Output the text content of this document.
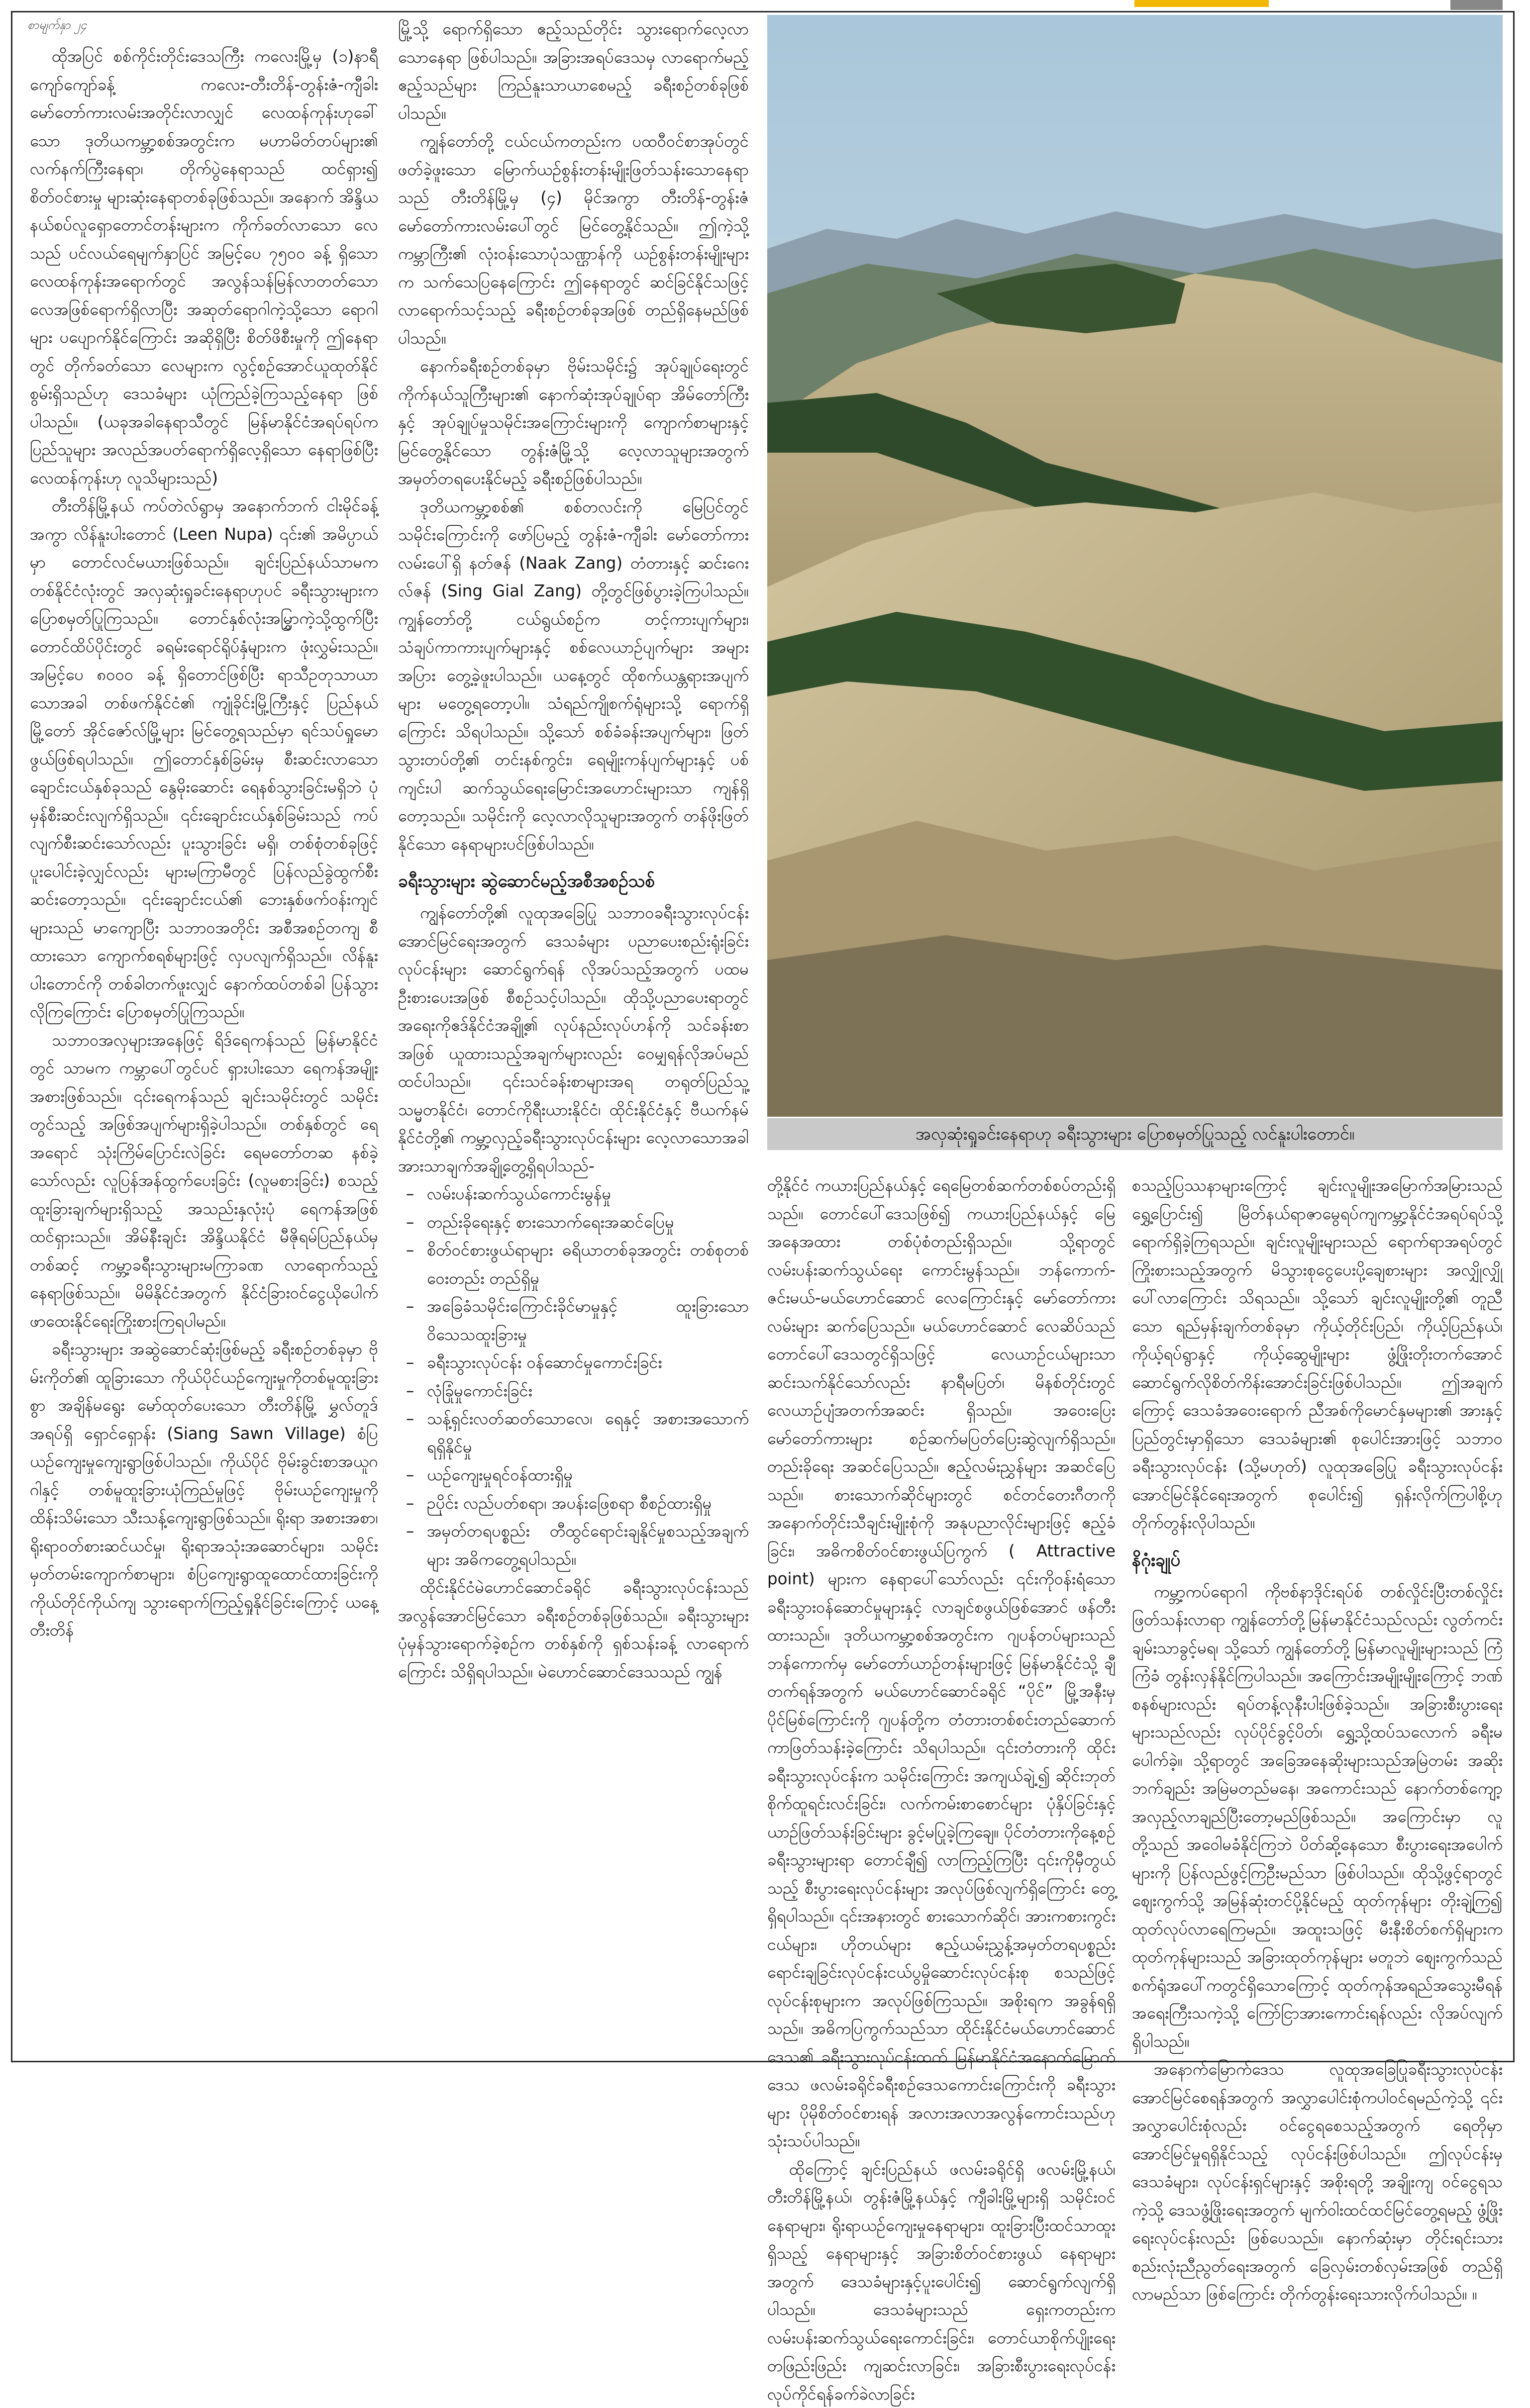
စာမျက်နှာ ၂၄

ထိုအပြင် စစ်ကိုင်းတိုင်းဒေသကြီး ကလေးမြို့မှ (၁)နာရီကျော်ကျော်ခန့် ကလေး-တီးတိန်-တွန်းဇံ-ကျီခါး မော်တော်ကားလမ်းအတိုင်းလာလျှင် လေထန်ကုန်းဟုခေါ်သော ဒုတိယကမ္ဘာ့စစ်အတွင်းက မဟာမိတ်တပ်များ၏ လက်နက်ကြီးနေရာ၊ တိုက်ပွဲနေရာသည် ထင်ရှား၍ စိတ်ဝင်စားမှု များဆုံးနေရာတစ်ခုဖြစ်သည်။ အနောက် အိန္ဒိယနယ်စပ်လူရှောတောင်တန်းများက ကိုက်ခတ်လာသော လေသည် ပင်လယ်ရေမျက်နှာပြင် အမြင့်ပေ ၇၅၀၀ ခန့် ရှိသော လေထန်ကုန်းအရောက်တွင် အလွန်သန်မြန်လာတတ်သော လေအဖြစ်ရောက်ရှိလာပြီး အဆုတ်ရောဂါကဲ့သို့သော ရောဂါများ ပပျောက်နိုင်ကြောင်း အဆိုရှိပြီး စိတ်ဖိစီးမှုကို ဤနေရာတွင် တိုက်ခတ်သော လေများက လွင့်စဉ်အောင်ယူထုတ်နိုင်စွမ်းရှိသည်ဟု ဒေသခံများ ယုံကြည်ခဲ့ကြသည့်နေရာ ဖြစ်ပါသည်။ (ယခုအခါနေရာသီတွင် မြန်မာနိုင်ငံအရပ်ရပ်က ပြည်သူများ အလည်အပတ်ရောက်ရှိလေ့ရှိသော နေရာဖြစ်ပြီး လေထန်ကုန်းဟု လူသိများသည်)

တီးတိန်မြို့နယ် ကပ်တဲလ်ရွာမှ အနောက်ဘက် ငါးမိုင်ခန့်အကွာ လိန်နူးပါးတောင် (Leen Nupa) ၎င်း၏ အမိပ္ပာယ်မှာ တောင်လင်မယားဖြစ်သည်။ ချင်းပြည်နယ်သာမက တစ်နိုင်ငံလုံးတွင် အလှဆုံးရှုခင်းနေရာဟုပင် ခရီးသွားများက ပြောစမှတ်ပြုကြသည်။ တောင်နှစ်လုံးအမြွှာကဲ့သို့ထွက်ပြီး တောင်ထိပ်ပိုင်းတွင် ခရမ်းရောင်ရိုပ်နှံများက ဖုံးလွှမ်းသည်။ အမြင့်ပေ ၈၀၀၀ ခန့် ရှိတောင်ဖြစ်ပြီး ရာသီဥတုသာယာသောအခါ တစ်ဖက်နိုင်ငံ၏ ကျုံခိုင်းမြို့ကြီးနှင့် ပြည်နယ်မြို့တော် အိုင်ဇော်လ်မြို့များ မြင်တွေ့ရသည်မှာ ရင်သပ်ရှုမောဖွယ်ဖြစ်ရပါသည်။ ဤတောင်နှစ်ခြမ်းမှ စီးဆင်းလာသော ချောင်းငယ်နှစ်ခုသည် နွေမိုးဆောင်း ရေနစ်သွားခြင်းမရှိဘဲ ပုံမှန်စီးဆင်းလျက်ရှိသည်။ ၎င်းချောင်းငယ်နှစ်ခြမ်းသည် ကပ်လျက်စီးဆင်းသော်လည်း ပူးသွားခြင်း မရှိ၊ တစ်စုံတစ်ခုဖြင့် ပူးပေါင်းခဲ့လျှင်လည်း များမကြာမီတွင် ပြန်လည်ခွဲထွက်စီးဆင်းတော့သည်။ ၎င်းချောင်းငယ်၏ ဘေးနှစ်ဖက်ဝန်းကျင်များသည် မာကျောပြီး သဘာဝအတိုင်း အစီအစဉ်တကျ စီထားသော ကျောက်စရစ်များဖြင့် လှပလျက်ရှိသည်။ လိန်နူးပါးတောင်ကို တစ်ခါတက်ဖူးလျှင် နောက်ထပ်တစ်ခါ ပြန်သွားလိုကြကြောင်း ပြောစမှတ်ပြုကြသည်။

သဘာဝအလှများအနေဖြင့် ရိဒ်ရေကန်သည် မြန်မာနိုင်ငံတွင် သာမက ကမ္ဘာပေါ်တွင်ပင် ရှားပါးသော ရေကန်အမျိုးအစားဖြစ်သည်။ ၎င်းရေကန်သည် ချင်းသမိုင်းတွင် သမိုင်းတွင်သည့် အဖြစ်အပျက်များရှိခဲ့ပါသည်။ တစ်နှစ်တွင် ရေအရောင် သုံးကြိမ်ပြောင်းလဲခြင်း ရေမတော်တဆ နစ်ခဲ့သော်လည်း လူပြန်အန်ထွက်ပေးခြင်း (လူမစားခြင်း) စသည့်ထူးခြားချက်များရှိသည့် အသည်းနှလုံးပုံ ရေကန်အဖြစ် ထင်ရှားသည်။ အိမ်နီးချင်း အိန္ဒိယနိုင်ငံ မီဇိုရမ်ပြည်နယ်မှတစ်ဆင့် ကမ္ဘာ့ခရီးသွားများမကြာခဏ လာရောက်သည့်နေရာဖြစ်သည်။ မိမိနိုင်ငံအတွက် နိုင်ငံခြားဝင်ငွေယိုပေါက် ဖာထေးနိုင်ရေးကြိုးစားကြရပါမည်။

ခရီးသွားများ အဆွဲဆောင်ဆုံးဖြစ်မည့် ခရီးစဉ်တစ်ခုမှာ ဗိုမ်းကိုတ်၏ ထူခြားသော ကိုယ်ပိုင်ယဉ်ကျေးမှုကိုတစ်မူထူးခြားစွာ အချိန်မရွေး မော်ထုတ်ပေးသော တီးတိန်မြို့ မွှလ်တူဒ်အရပ်ရှိ ရှောင်ရှောန်း (Siang Sawn Village) စံပြယဉ်ကျေးမှုကျေးရွာဖြစ်ပါသည်။ ကိုယ်ပိုင် ဗိုမ်းခွင်းစာအယူဂဂါနှင့် တစ်မူထူးခြားယုံကြည်မှုဖြင့် ဗိုမ်းယဉ်ကျေးမှုကို ထိန်းသိမ်းသော သီးသန့်ကျေးရွာဖြစ်သည်။ ရိုးရာ အစားအစာ၊ ရိုးရာဝတ်စားဆင်ယင်မှု၊ ရိုးရာအသုံးအဆောင်များ၊ သမိုင်းမှတ်တမ်းကျောက်စာများ၊ စံပြကျေးရွာထူထောင်ထားခြင်းကို ကိုယ်တိုင်ကိုယ်ကျ သွားရောက်ကြည့်ရှုနိုင်ခြင်းကြောင့် ယနေ့ တီးတိန်

မြို့သို့ ရောက်ရှိသော ဧည့်သည်တိုင်း သွားရောက်လေ့လာသောနေရာ ဖြစ်ပါသည်။ အခြားအရပ်ဒေသမှ လာရောက်မည့် ဧည့်သည်များ ကြည်နူးသာယာစေမည့် ခရီးစဉ်တစ်ခုဖြစ်ပါသည်။

ကျွန်တော်တို့ ငယ်ငယ်ကတည်းက ပထဝီဝင်စာအုပ်တွင် ဖတ်ခဲ့ဖူးသော မြောက်ယဉ်စွန်းတန်းမျိုးဖြတ်သန်းသောနေရာသည် တီးတိန်မြို့မှ (၄) မိုင်အကွာ တီးတိန်-တွန်းဇံမော်တော်ကားလမ်းပေါ်တွင် မြင်တွေ့နိုင်သည်။ ဤကဲ့သို့ ကမ္ဘာကြီး၏ လုံးဝန်းသောပုံသဏ္ဌာန်ကို ယဉ်စွန်းတန်းမျိုးများက သက်သေပြနေကြောင်း ဤနေရာတွင် ဆင်ခြင်နိုင်သဖြင့် လာရောက်သင့်သည့် ခရီးစဉ်တစ်ခုအဖြစ် တည်ရှိနေမည်ဖြစ်ပါသည်။

နောက်ခရီးစဉ်တစ်ခုမှာ ဗိုမ်းသမိုင်း၌ အုပ်ချုပ်ရေးတွင် ကိုက်နယ်သူကြီးများ၏ နောက်ဆုံးအုပ်ချုပ်ရာ အိမ်တော်ကြီးနှင့် အုပ်ချုပ်မှုသမိုင်းအကြောင်းများကို ကျောက်စာများနှင့် မြင်တွေ့နိုင်သော တွန်းဇံမြို့သို့ လေ့လာသူများအတွက် အမှတ်တရပေးနိုင်မည့် ခရီးစဉ်ဖြစ်ပါသည်။

ဒုတိယကမ္ဘာ့စစ်၏ စစ်တလင်းကို မြေပြင်တွင် သမိုင်းကြောင်းကို ဖော်ပြမည့် တွန်းဇံ-ကျီခါး မော်တော်ကားလမ်းပေါ်ရှိ နတ်ဇန် (Naak Zang) တံတားနှင့် ဆင်းဂေးလ်ဇန် (Sing Gial Zang) တို့တွင်ဖြစ်ပွားခဲ့ကြပါသည်။ ကျွန်တော်တို့ ငယ်ရွယ်စဉ်က တင့်ကားပျက်များ၊ သံချပ်ကာကားပျက်များနှင့် စစ်လေယာဉ်ပျက်များ အများအပြား တွေ့ခဲ့ဖူးပါသည်။ ယနေ့တွင် ထိုစက်ယန္တရားအပျက်များ မတွေ့ရတော့ပါ။ သံရည်ကျိုစက်ရုံများသို့ ရောက်ရှိကြောင်း သိရပါသည်။ သို့သော် စစ်ခံခန်းအပျက်များ၊ ဖြတ်သွားတပ်တို့၏ တင်းနစ်ကွင်း၊ ရေမျိုးကန်ပျက်များနှင့် ပစ်ကျင်းပါ ဆက်သွယ်ရေးမြောင်းအဟောင်းများသာ ကျန်ရှိတော့သည်။ သမိုင်းကို လေ့လာလိုသူများအတွက် တန်ဖိုးဖြတ်နိုင်သော နေရာများပင်ဖြစ်ပါသည်။

ခရီးသွားများ ဆွဲဆောင်မည့်အစီအစဉ်သစ်

ကျွန်တော်တို့၏ လူထုအခြေပြု သဘာဝခရီးသွားလုပ်ငန်း အောင်မြင်ရေးအတွက် ဒေသခံများ ပညာပေးစည်းရုံးခြင်းလုပ်ငန်းများ ဆောင်ရွက်ရန် လိုအပ်သည့်အတွက် ပထမဦးစားပေးအဖြစ် စီစဉ်သင့်ပါသည်။ ထိုသို့ပညာပေးရာတွင် အရေးကိုဧဒ်နိုင်ငံအချို့၏ လုပ်နည်းလုပ်ဟန်ကို သင်ခန်းစာအဖြစ် ယူထားသည့်အချက်များလည်း ဝေမျှရန်လိုအပ်မည်ထင်ပါသည်။ ၎င်းသင်ခန်းစာများအရ တရုတ်ပြည်သူ့သမ္မတနိုင်ငံ၊ တောင်ကိုရီးယားနိုင်ငံ၊ ထိုင်းနိုင်ငံနှင့် ဗီယက်နမ်နိုင်ငံတို့၏ ကမ္ဘာ့လှည့်ခရီးသွားလုပ်ငန်းများ လေ့လာသောအခါ အားသာချက်အချို့တွေ့ရှိရပါသည်-

– လမ်းပန်းဆက်သွယ်ကောင်းမွန်မှု
– တည်းခိုရေးနှင့် စားသောက်ရေးအဆင်ပြေမှု
– စိတ်ဝင်စားဖွယ်ရာများ ဓရိယာတစ်ခုအတွင်း တစ်စုတစ်ဝေးတည်း တည်ရှိမှု
– အခြေခံသမိုင်းကြောင်းခိုင်မာမှုနှင့် ထူးခြားသော ဝိသေသထူးခြားမှု
– ခရီးသွားလုပ်ငန်း ဝန်ဆောင်မှုကောင်းခြင်း
– လုံခြုံမှုကောင်းခြင်း
– သန့်ရှင်းလတ်ဆတ်သောလေ၊ ရေနှင့် အစားအသောက်ရရှိနိုင်မှု
– ယဉ်ကျေးမှုရင်ဝန်ထားရှိမှု
– ဉပိုင်း လည်ပတ်စရာ၊ အပန်းဖြေစရာ စီစဉ်ထားရှိမှု
– အမှတ်တရပစ္စည်း တီထွင်ရောင်းချနိုင်မှုစသည့်အချက်များ အဓိကတွေ့ရပါသည်။

ထိုင်းနိုင်ငံမဲဟောင်ဆောင်ခရိုင် ခရီးသွားလုပ်ငန်းသည် အလွန်အောင်မြင်သော ခရီးစဉ်တစ်ခုဖြစ်သည်။ ခရီးသွားများ ပုံမှန်သွားရောက်ခဲ့စဉ်က တစ်နှစ်ကို ရှစ်သန်းခန့် လာရောက်ကြောင်း သိရှိရပါသည်။ မဲဟောင်ဆောင်ဒေသသည် ကျွန်

အလှဆုံးရှုခင်းနေရာဟု ခရီးသွားများ ပြောစမှတ်ပြုသည့် လင်နူးပါးတောင်။

တို့နိုင်ငံ ကယားပြည်နယ်နှင့် ရေမြေတစ်ဆက်တစ်စပ်တည်းရှိသည်။ တောင်ပေါ်ဒေသဖြစ်၍ ကယားပြည်နယ်နှင့် မြေအနေအထား တစ်ပုံစံတည်းရှိသည်။ သို့ရာတွင် လမ်းပန်းဆက်သွယ်ရေး ကောင်းမွန်သည်။ ဘန်ကောက်-ဇင်းမယ်-မယ်ဟောင်ဆောင် လေကြောင်းနှင့် မော်တော်ကားလမ်းများ ဆက်ပြေသည်။ မယ်ဟောင်ဆောင် လေဆိပ်သည် တောင်ပေါ်ဒေသတွင်ရှိသဖြင့် လေယာဉ်ငယ်များသာ ဆင်းသက်နိုင်သော်လည်း နာရီမပြတ်၊ မိနစ်တိုင်းတွင် လေယာဉ်ပျံအတက်အဆင်း ရှိသည်။ အဝေးပြေးမော်တော်ကားများ စဉ်ဆက်မပြတ်ပြေးဆွဲလျက်ရှိသည်။ တည်းခိုရေး အဆင်ပြေသည်။ ဧည့်လမ်းညွှန်များ အဆင်ပြေသည်။ စားသောက်ဆိုင်များတွင် စင်တင်တေးဂီတကို အနောက်တိုင်းသီချင်းမျိုးစုံကို အနုပညာလိုင်းများဖြင့် ဧည့်ခံခြင်း၊ အဓိကစိတ်ဝင်စားဖွယ်ပြကွက် ( Attractive point) များက နေရာပေါ်သော်လည်း ၎င်းကိုဝန်းရံသော ခရီးသွားဝန်ဆောင်မှုများနှင့် လာချင်စဖွယ်ဖြစ်အောင် ဖန်တီးထားသည်။ ဒုတိယကမ္ဘာ့စစ်အတွင်းက ဂျပန်တပ်များသည် ဘန်ကောက်မှ မော်တော်ယာဉ်တန်းများဖြင့် မြန်မာနိုင်ငံသို့ ချီတက်ရန်အတွက် မယ်ဟောင်ဆောင်ခရိုင် “ပိုင်” မြို့အနီးမှ ပိုင်မြစ်ကြောင်းကို ဂျပန်တို့က တံတားတစ်စင်းတည်ဆောက်ကာဖြတ်သန်းခဲ့ကြောင်း သိရပါသည်။ ၎င်းတံတားကို ထိုင်းခရီးသွားလုပ်ငန်းက သမိုင်းကြောင်း အကျယ်ချဲ့၍ ဆိုင်းဘုတ်စိုက်ထူရင်းလင်းခြင်း၊ လက်ကမ်းစာစောင်များ ပုံနှိပ်ခြင်းနှင့် ယာဉ်ဖြတ်သန်းခြင်းများ ခွင့်မပြုခဲ့ကြချေ။ ပိုင်တံတားကိုနေ့စဉ်ခရီးသွားများရာ တောင်ချီ၍ လာကြည့်ကြပြီး ၎င်းကိုမှီတွယ်သည့် စီးပွားရေးလုပ်ငန်းများ အလုပ်ဖြစ်လျက်ရှိကြောင်း တွေ့ရှိရပါသည်။ ၎င်းအနားတွင် စားသောက်ဆိုင်၊ အားကစားကွင်းငယ်များ၊ ဟိုတယ်များ ဧည့်ယမ်းညွှန့်အမှတ်တရပစ္စည်းရောင်းချခြင်းလုပ်ငန်းငယ်ပွမှိုဆောင်းလုပ်ငန်းစု စသည်ဖြင့် လုပ်ငန်းစုများက အလုပ်ဖြစ်ကြသည်။ အစိုးရက အခွန်ရရှိသည်။ အဓိကပြကွက်သည်သာ ထိုင်းနိုင်ငံမယ်ဟောင်ဆောင်ဒေသ၏ ခရီးသွားလုပ်ငန်းထက် မြန်မာနိုင်ငံအနောက်မြောက်ဒေသ ဖလမ်းခရိုင်ခရီးစဉ်ဒေသကောင်းကြောင်းကို ခရီးသွားများ ပိုမိုစိတ်ဝင်စားရန် အလားအလာအလွန်ကောင်းသည်ဟု သုံးသပ်ပါသည်။

ထိုကြောင့် ချင်းပြည်နယ် ဖလမ်းခရိုင်ရှိ ဖလမ်းမြို့နယ်၊ တီးတိန်မြို့နယ်၊ တွန်းဇံမြို့နယ်နှင့် ကျီခါးမြို့များရှိ သမိုင်းဝင်နေရာများ၊ ရိုးရာယဉ်ကျေးမှုနေရာများ၊ ထူးခြားပြီးထင်သာထူးရှိသည့် နေရာများနှင့် အခြားစိတ်ဝင်စားဖွယ် နေရာများအတွက် ဒေသခံများနှင့်ပူးပေါင်း၍ ဆောင်ရွက်လျက်ရှိပါသည်။ ဒေသခံများသည် ရှေးကတည်းက လမ်းပန်းဆက်သွယ်ရေးကောင်းခြင်း၊ တောင်ယာစိုက်ပျိုးရေးတဖြည်းဖြည်း ကျဆင်းလာခြင်း၊ အခြားစီးပွားရေးလုပ်ငန်း လုပ်ကိုင်ရန်ခက်ခဲလာခြင်း

စသည့်ပြဿနာများကြောင့် ချင်းလူမျိုးအမြောက်အမြားသည် ရွှေ့ပြောင်း၍ မြိတ်နယ်ရာဇာမွေရပ်ကျကမ္ဘာ့နိုင်ငံအရပ်ရပ်သို့ ရောက်ရှိခဲ့ကြရသည်။ ချင်းလူမျိုးများသည် ရောက်ရာအရပ်တွင် ကြိုးစားသည့်အတွက် မိသွားစုငွေပေးပို့ချေစားများ အလျှိုလျှိုပေါ်လာကြောင်း သိရသည်။ သို့သော် ချင်းလူမျိုးတို့၏ တူညီသော ရည်မှန်းချက်တစ်ခုမှာ ကိုယ့်တိုင်းပြည်၊ ကိုယ့်ပြည်နယ်၊ ကိုယ့်ရပ်ရွာနှင့် ကိုယ့်ဆွေမျိုးများ ဖွံ့ဖြိုးတိုးတက်အောင် ဆောင်ရွက်လိုစိတ်ကိန်းအောင်းခြင်းဖြစ်ပါသည်။ ဤအချက်ကြောင့် ဒေသခံအဝေးရောက် ညီအစ်ကိုမောင်နှမများ၏ အားနှင့် ပြည်တွင်းမှာရှိသော ဒေသခံများ၏ စုပေါင်းအားဖြင့် သဘာဝခရီးသွားလုပ်ငန်း (သို့မဟုတ်) လူထုအခြေပြု ခရီးသွားလုပ်ငန်း အောင်မြင်နိုင်ရေးအတွက် စုပေါင်း၍ ရှန်းလိုက်ကြပါစို့ဟု တိုက်တွန်းလိုပါသည်။

နိဂုံးချုပ်

ကမ္ဘာ့ကပ်ရောဂါ ကိုဗစ်နာဒိုင်းရပ်စ် တစ်လှိုင်းပြီးတစ်လှိုင်းဖြတ်သန်းလာရာ ကျွန်တော်တို့မြန်မာနိုင်ငံသည်လည်း လွတ်ကင်းချမ်းသာခွင့်မရ၊ သို့သော် ကျွန်တော်တို့ မြန်မာလူမျိုးများသည် ကြံကြံခံ တွန်းလှန်နိုင်ကြပါသည်။ အကြောင်းအမျိုးမျိုးကြောင့် ဘဏ်စနစ်များလည်း ရပ်တန့်လုနီးပါးဖြစ်ခဲ့သည်။ အခြားစီးပွားရေးများသည်လည်း လုပ်ပိုင်ခွင့်ပိတ်၊ ရွှေ့သို့ထပ်သလောက် ခရီးမပေါက်ခဲ့။ သို့ရာတွင် အခြေအနေဆိုးများသည်အမြဲတမ်း အဆိုးဘက်ချည်း အမြဲမတည်မနေ၊ အကောင်းသည် နောက်တစ်ကျော့ အလှည့်လာချည်ပြီးတော့မည်ဖြစ်သည်။ အကြောင်းမှာ လူတို့သည် အဝေါမခံနိုင်ကြဘဲ ပိတ်ဆို့နေသော စီးပွားရေးအပေါက်များကို ပြန်လည်ဖွင့်ကြဦးမည်သာ ဖြစ်ပါသည်။ ထိုသို့ဖွင့်ရာတွင် စျေးကွက်သို့ အမြန်ဆုံးတင်ပို့နိုင်မည့် ထုတ်ကုန်များ တိုးချဲ့ကြ၍ ထုတ်လုပ်လာရေကြမည်။ အထူးသဖြင့် မီးနီးစိတ်စက်ရှိများက ထုတ်ကုန်များသည် အခြားထုတ်ကုန်များ မတူဘဲ စျေးကွက်သည် စက်ရုံအပေါ်ကတွင်ရှိသောကြောင့် ထုတ်ကုန်အရည်အသွေးမီရန် အရေးကြီးသကဲ့သို့ ကြော်ငြာအားကောင်းရန်လည်း လိုအပ်လျက်ရှိပါသည်။

အနောက်မြောက်ဒေသ လူထုအခြေပြုခရီးသွားလုပ်ငန်းအောင်မြင်စေရန်အတွက် အလွှာပေါင်းစုံကပါဝင်ရမည်ကဲ့သို့ ၎င်းအလွှာပေါင်းစုံလည်း ဝင်ငွေရစေသည့်အတွက် ရေတိုမှာ အောင်မြင်မှုရရှိနိုင်သည့် လုပ်ငန်းဖြစ်ပါသည်။ ဤလုပ်ငန်းမှ ဒေသခံများ၊ လုပ်ငန်းရှင်များနှင့် အစိုးရတို့ အချိုးကျ ဝင်ငွေရသကဲ့သို့ ဒေသဖွံ့ဖြိုးရေးအတွက် မျက်ဝါးထင်ထင်မြင်တွေ့ရမည့် ဖွံ့ဖြိုးရေးလုပ်ငန်းလည်း ဖြစ်ပေသည်။ နောက်ဆုံးမှာ တိုင်းရင်းသား စည်းလုံးညီညွတ်ရေးအတွက် ခြေလှမ်းတစ်လှမ်းအဖြစ် တည်ရှိလာမည်သာ ဖြစ်ကြောင်း တိုက်တွန်းရေးသားလိုက်ပါသည်။ ။
